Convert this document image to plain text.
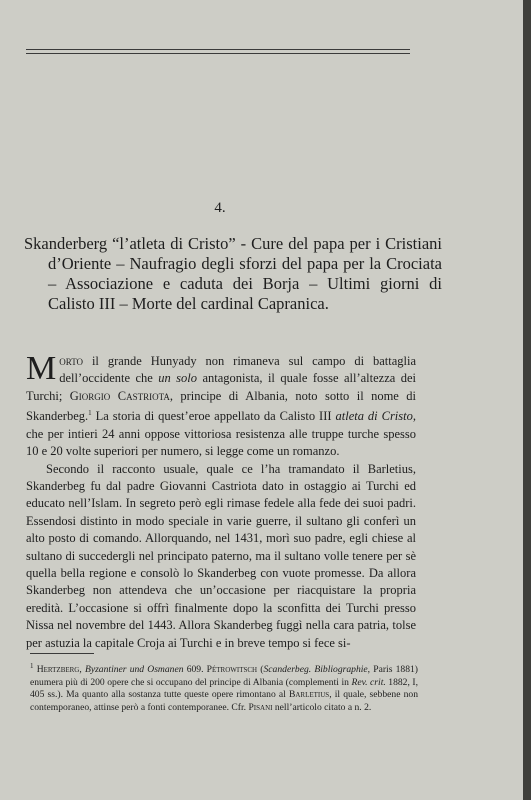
4.
Skanderberg “l’atleta di Cristo” - Cure del papa per i Cristiani d’Oriente – Naufragio degli sforzi del papa per la Crociata – Associazione e caduta dei Borja – Ultimi giorni di Calisto III – Morte del cardinal Capranica.

Morto il grande Hunyady non rimaneva sul campo di battaglia dell’occidente che un solo antagonista, il quale fosse all’altezza dei Turchi; Giorgio Castriota, principe di Albania, noto sotto il nome di Skanderbeg.$^1$ La storia di quest’eroe appellato da Calisto III atleta di Cristo, che per intieri 24 anni oppose vittoriosa resistenza alle truppe turche spesso 10 e 20 volte superiori per numero, si legge come un romanzo.

Secondo il racconto usuale, quale ce l’ha tramandato il Barletius, Skanderbeg fu dal padre Giovanni Castriota dato in ostaggio ai Turchi ed educato nell’Islam. In segreto però egli rimase fedele alla fede dei suoi padri. Essendosi distinto in modo speciale in varie guerre, il sultano gli conferì un alto posto di comando. Allorquando, nel 1431, morì suo padre, egli chiese al sultano di succedergli nel principato paterno, ma il sultano volle tenere per sè quella bella regione e consolò lo Skanderbeg con vuote promesse. Da allora Skanderbeg non attendeva che un’occasione per riacquistare la propria eredità. L’occasione si offrì finalmente dopo la sconfitta dei Turchi presso Nissa nel novembre del 1443. Allora Skanderbeg fuggì nella cara patria, tolse per astuzia la capitale Croja ai Turchi e in breve tempo si fece si-

$^1$ Hertzberg, Byzantiner und Osmanen 609. Pétrowitsch (Scanderbeg. Bibliographie, Paris 1881) enumera più di 200 opere che si occupano del principe di Albania (complementi in Rev. crit. 1882, I, 405 ss.). Ma quanto alla sostanza tutte queste opere rimontano al Barletius, il quale, sebbene non contemporaneo, attinse però a fonti contemporanee. Cfr. Pisani nell’articolo citato a n. 2.
